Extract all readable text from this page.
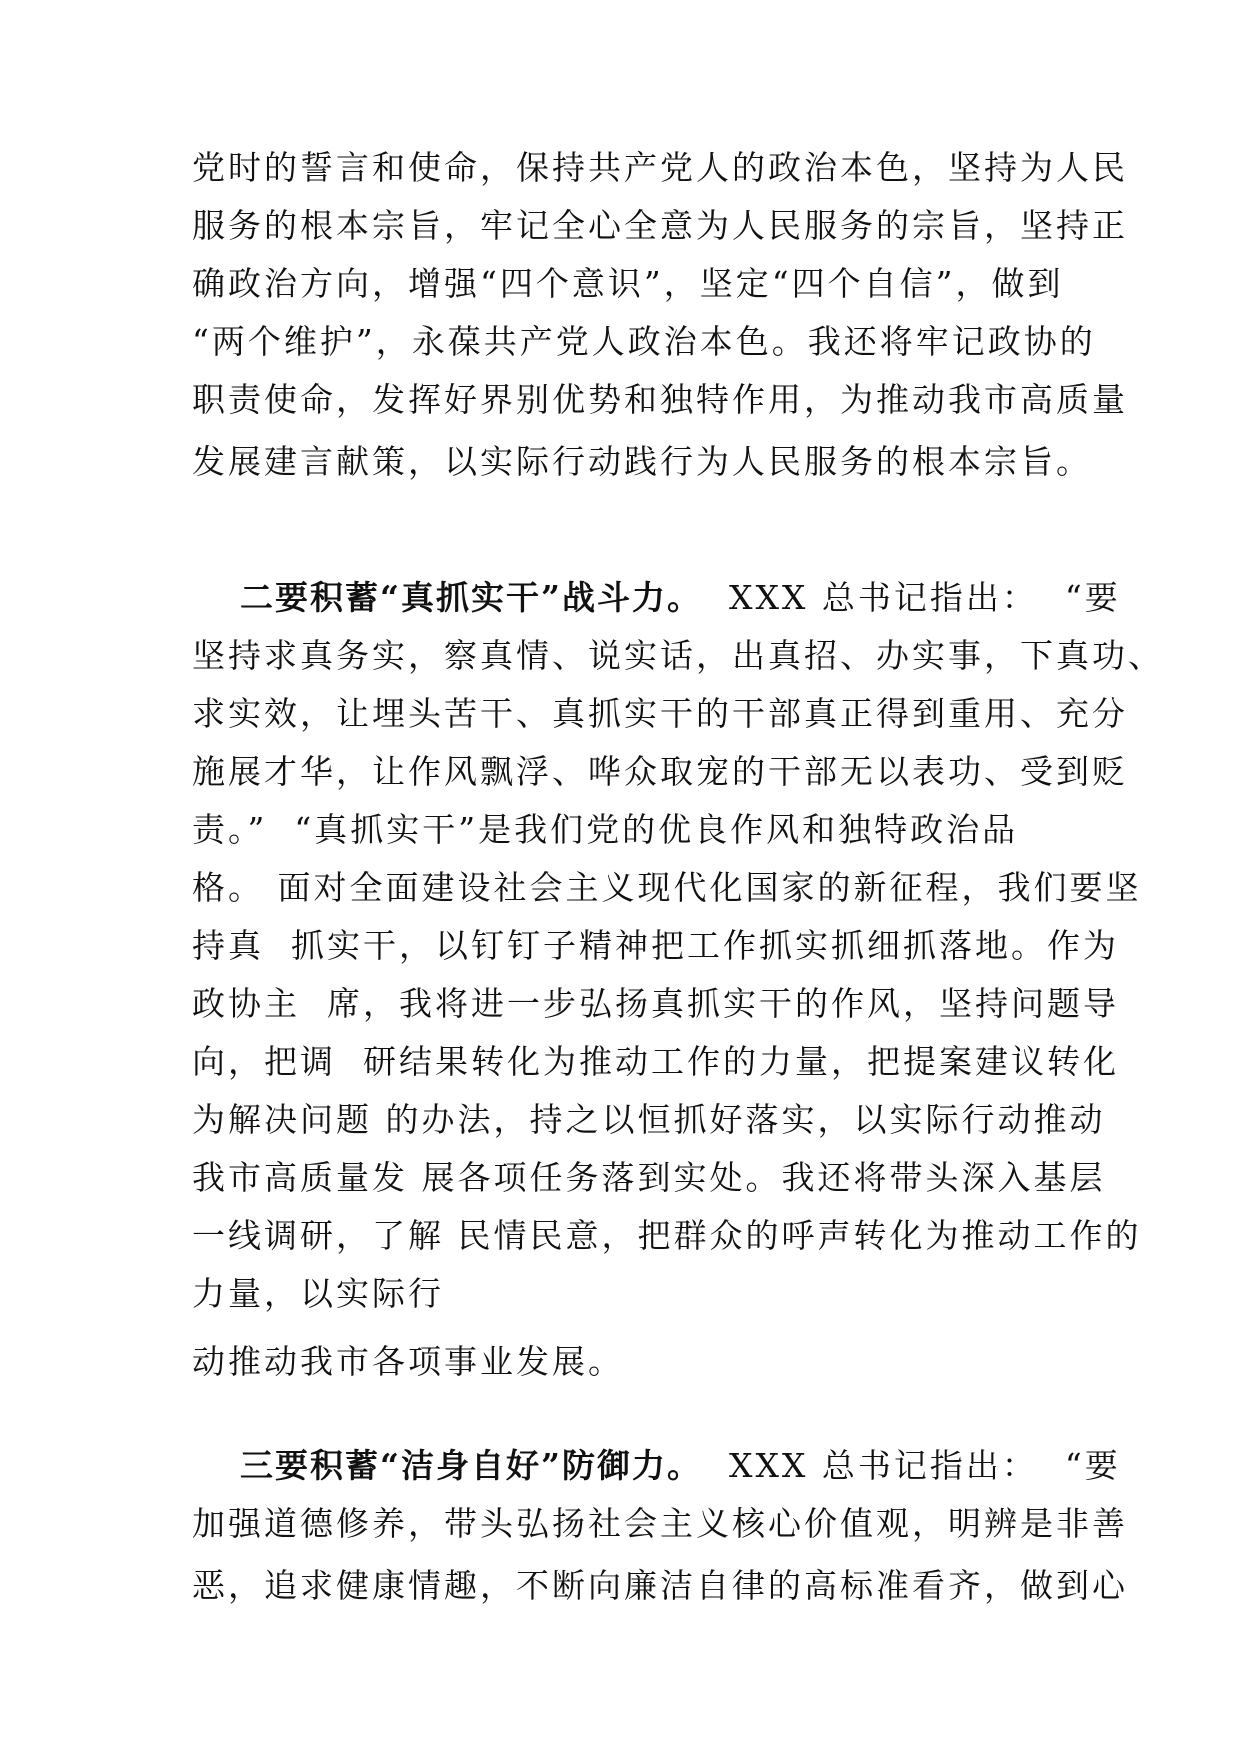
党时的誓言和使命，保持共产党人的政治本色，坚持为人民
服务的根本宗旨，牢记全心全意为人民服务的宗旨，坚持正
确政治方向，增强“四个意识”，坚定“四个自信”，做到
“两个维护”，永葆共产党人政治本色。我还将牢记政协的
职责使命，发挥好界别优势和独特作用，为推动我市高质量
发展建言献策，以实际行动践行为人民服务的根本宗旨。
二要积蓄“真抓实干”战斗力。  XXX 总书记指出：  “要
坚持求真务实，察真情、说实话，出真招、办实事，下真功、
求实效，让埋头苦干、真抓实干的干部真正得到重用、充分
施展才华，让作风飘浮、哗众取宠的干部无以表功、受到贬
责。”  “真抓实干”是我们党的优良作风和独特政治品
格。 面对全面建设社会主义现代化国家的新征程，我们要坚
持真  抓实干，以钉钉子精神把工作抓实抓细抓落地。作为
政协主  席，我将进一步弘扬真抓实干的作风，坚持问题导
向，把调  研结果转化为推动工作的力量，把提案建议转化
为解决问题 的办法，持之以恒抓好落实，以实际行动推动
我市高质量发 展各项任务落到实处。我还将带头深入基层
一线调研，了解 民情民意，把群众的呼声转化为推动工作的
力量，以实际行
动推动我市各项事业发展。
三要积蓄“洁身自好”防御力。  XXX 总书记指出：  “要
加强道德修养，带头弘扬社会主义核心价值观，明辨是非善
恶，追求健康情趣，不断向廉洁自律的高标准看齐，做到心
